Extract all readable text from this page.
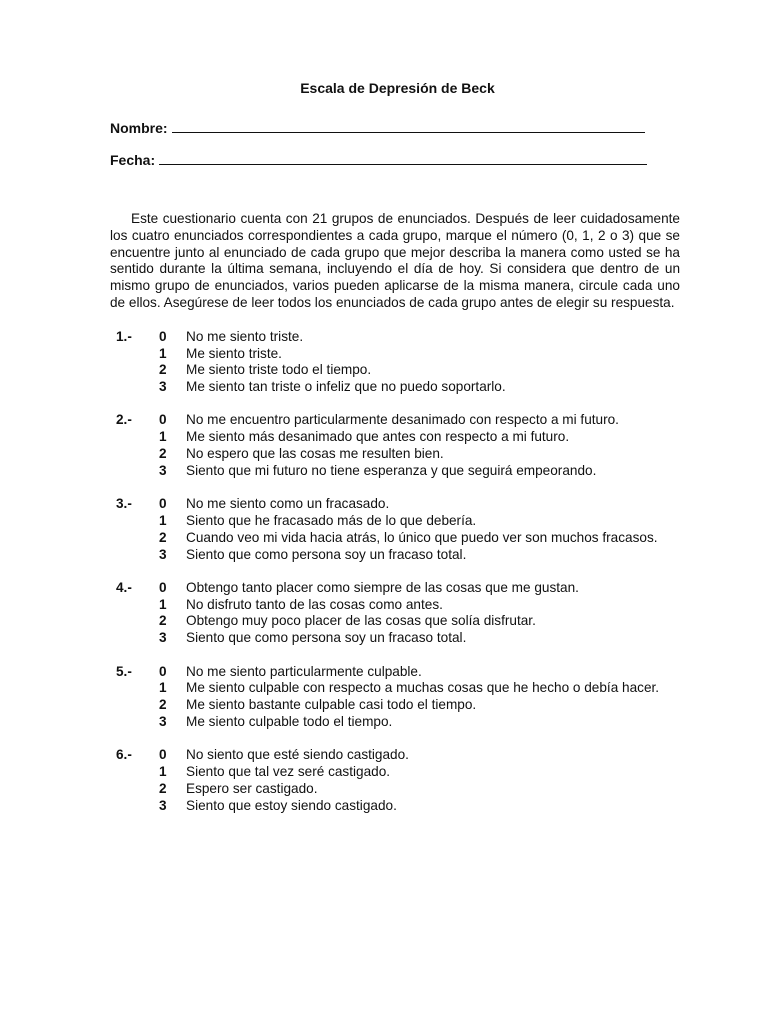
Escala de Depresión de Beck
Nombre:
Fecha:

Este cuestionario cuenta con 21 grupos de enunciados. Después de leer cuidadosamente los cuatro enunciados correspondientes a cada grupo, marque el número (0, 1, 2 o 3) que se encuentre junto al enunciado de cada grupo que mejor describa la manera como usted se ha sentido durante la última semana, incluyendo el día de hoy. Si considera que dentro de un mismo grupo de enunciados, varios pueden aplicarse de la misma manera, circule cada uno de ellos. Asegúrese de leer todos los enunciados de cada grupo antes de elegir su respuesta.

1.-	0	No me siento triste.
1	Me siento triste.
2	Me siento triste todo el tiempo.
3	Me siento tan triste o infeliz que no puedo soportarlo.
2.-	0	No me encuentro particularmente desanimado con respecto a mi futuro.
1	Me siento más desanimado que antes con respecto a mi futuro.
2	No espero que las cosas me resulten bien.
3	Siento que mi futuro no tiene esperanza y que seguirá empeorando.
3.-	0	No me siento como un fracasado.
1	Siento que he fracasado más de lo que debería.
2	Cuando veo mi vida hacia atrás, lo único que puedo ver son muchos fracasos.
3	Siento que como persona soy un fracaso total.
4.-	0	Obtengo tanto placer como siempre de las cosas que me gustan.
1	No disfruto tanto de las cosas como antes.
2	Obtengo muy poco placer de las cosas que solía disfrutar.
3	Siento que como persona soy un fracaso total.
5.-	0	No me siento particularmente culpable.
1	Me siento culpable con respecto a muchas cosas que he hecho o debía hacer.
2	Me siento bastante culpable casi todo el tiempo.
3	Me siento culpable todo el tiempo.
6.-	0	No siento que esté siendo castigado.
1	Siento que tal vez seré castigado.
2	Espero ser castigado.
3	Siento que estoy siendo castigado.
